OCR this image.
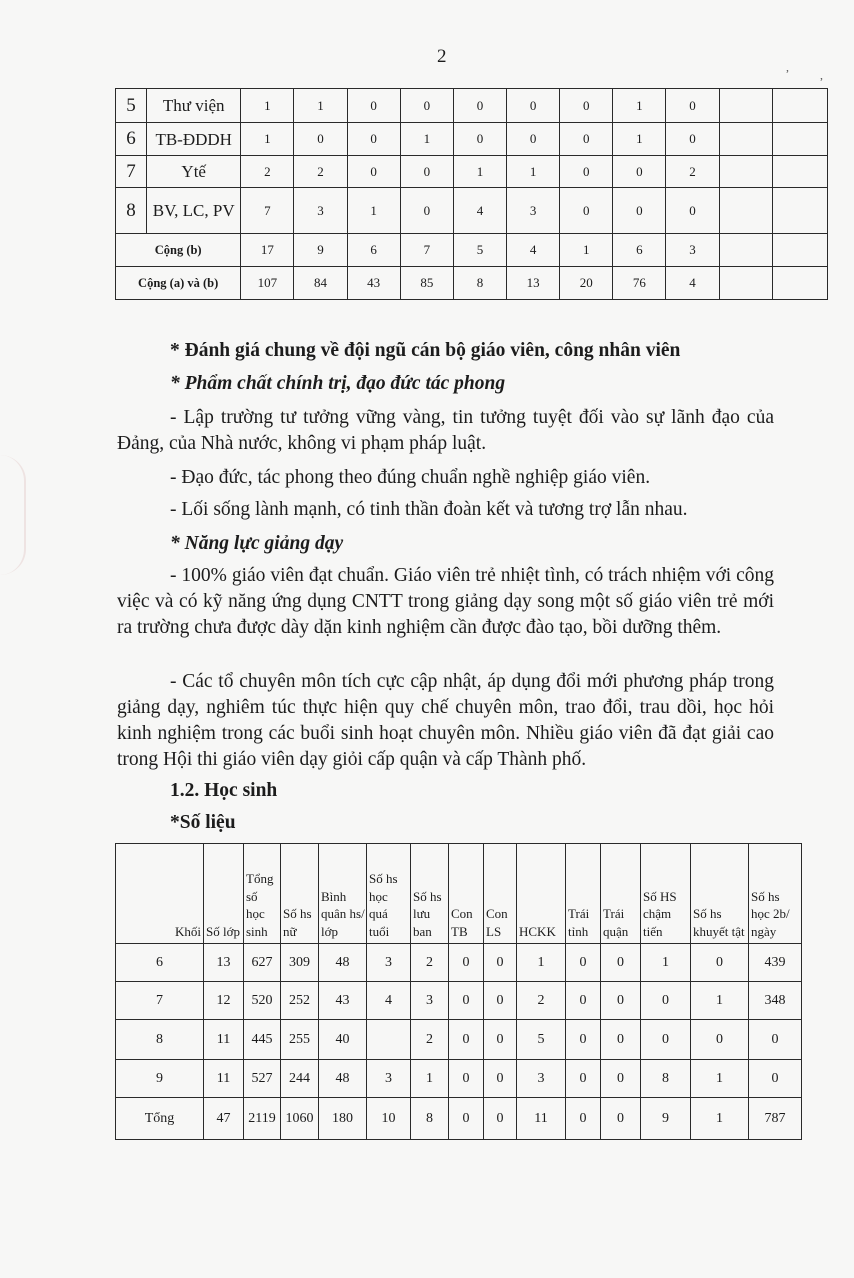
2	,
,
5	Thư viện	1	1	0	0	0	0	0	1	0		
6	TB-ĐDDH	1	0	0	1	0	0	0	1	0		
7	Ytế	2	2	0	0	1	1	0	0	2		
8	BV, LC, PV	7	3	1	0	4	3	0	0	0		
Cộng (b)		17	9	6	7	5	4	1	6	3		
Cộng (a) và (b)		107	84	43	85	8	13	20	76	4		
* Đánh giá chung về đội ngũ cán bộ giáo viên, công nhân viên
* Phẩm chất chính trị, đạo đức tác phong
- Lập trường tư tưởng vững vàng, tin tưởng tuyệt đối vào sự lãnh đạo của Đảng, của Nhà nước, không vi phạm pháp luật.
- Đạo đức, tác phong theo đúng chuẩn nghề nghiệp giáo viên.
- Lối sống lành mạnh, có tinh thần đoàn kết và tương trợ lẫn nhau.
* Năng lực giảng dạy
- 100% giáo viên đạt chuẩn. Giáo viên trẻ nhiệt tình, có trách nhiệm với công việc và có kỹ năng ứng dụng CNTT trong giảng dạy song một số giáo viên trẻ mới ra trường chưa được dày dặn kinh nghiệm cần được đào tạo, bồi dưỡng thêm.
- Các tổ chuyên môn tích cực cập nhật, áp dụng đổi mới phương pháp trong giảng dạy, nghiêm túc thực hiện quy chế chuyên môn, trao đổi, trau dồi, học hỏi kinh nghiệm trong các buổi sinh hoạt chuyên môn. Nhiều giáo viên đã đạt giải cao trong Hội thi giáo viên dạy giỏi cấp quận và cấp Thành phố.
1.2. Học sinh
*Số liệu
Khối	Số lớp	Tổng số học sinh	Số hs nữ	Bình quân hs/ lớp	Số hs học quá tuổi	Số hs lưu ban	Con TB	Con LS	HCKK	Trái tỉnh	Trái quận	Số HS chậm tiến	Số hs khuyết tật	Số hs học 2b/ ngày
6	13	627	309	48	3	2	0	0	1	0	0	1	0	439
7	12	520	252	43	4	3	0	0	2	0	0	0	1	348
8	11	445	255	40		2	0	0	5	0	0	0	0	0
9	11	527	244	48	3	1	0	0	3	0	0	8	1	0
Tổng	47	2119	1060	180	10	8	0	0	11	0	0	9	1	787
